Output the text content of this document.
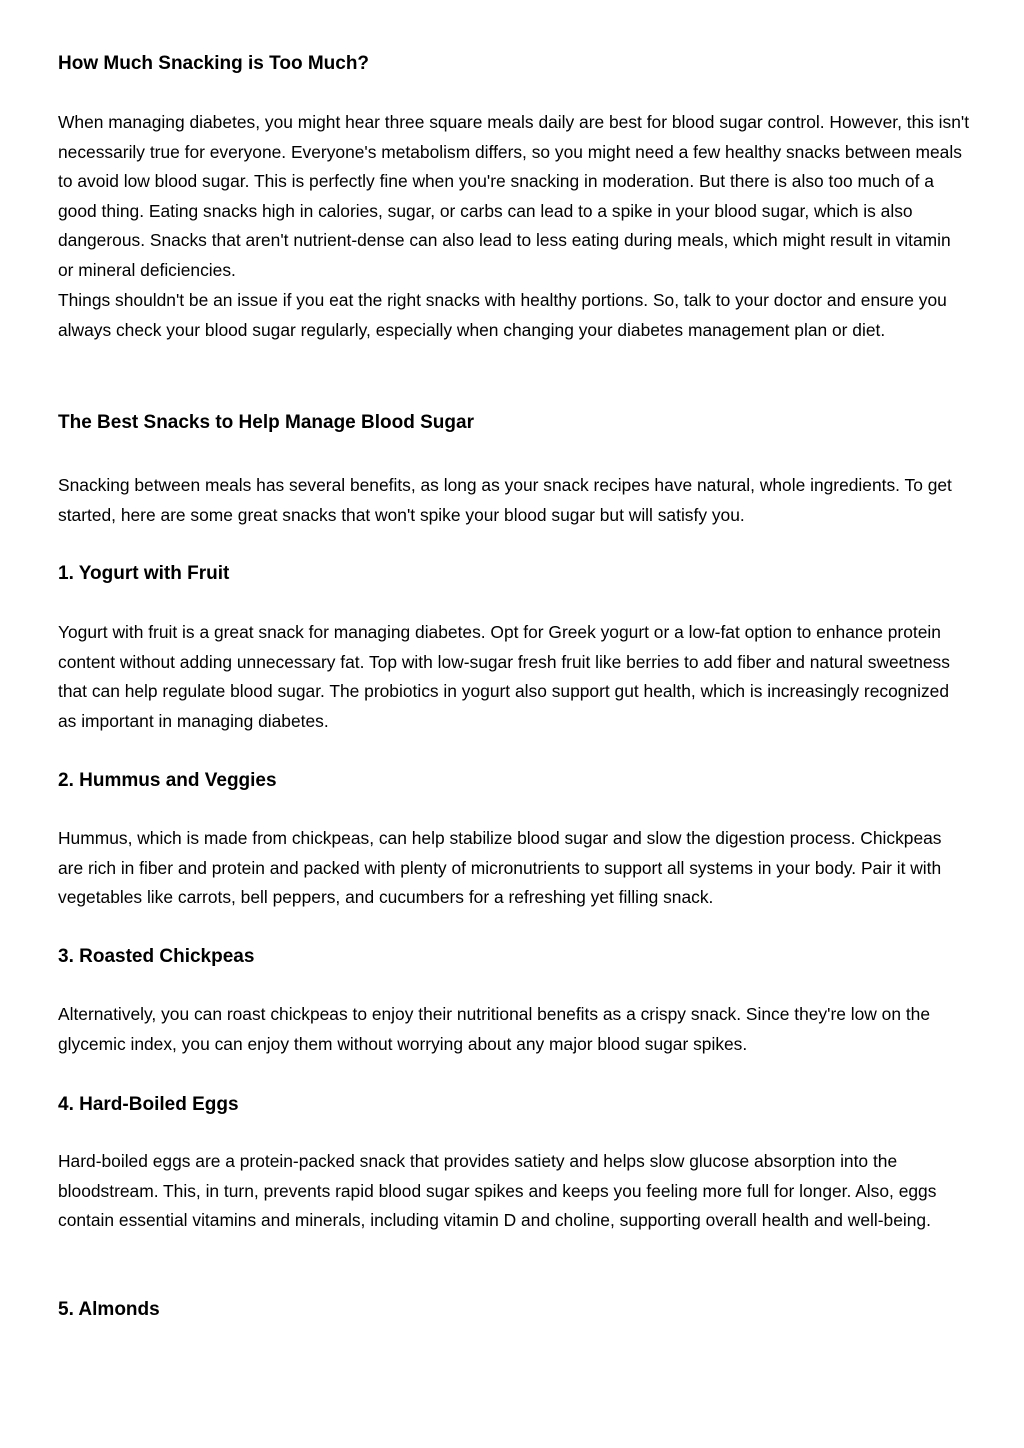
How Much Snacking is Too Much?

When managing diabetes, you might hear three square meals daily are best for blood sugar control. However, this isn't necessarily true for everyone. Everyone's metabolism differs, so you might need a few healthy snacks between meals to avoid low blood sugar. This is perfectly fine when you're snacking in moderation. But there is also too much of a good thing. Eating snacks high in calories, sugar, or carbs can lead to a spike in your blood sugar, which is also dangerous. Snacks that aren't nutrient-dense can also lead to less eating during meals, which might result in vitamin or mineral deficiencies.

Things shouldn't be an issue if you eat the right snacks with healthy portions. So, talk to your doctor and ensure you always check your blood sugar regularly, especially when changing your diabetes management plan or diet.

The Best Snacks to Help Manage Blood Sugar

Snacking between meals has several benefits, as long as your snack recipes have natural, whole ingredients. To get started, here are some great snacks that won't spike your blood sugar but will satisfy you.

1. Yogurt with Fruit

Yogurt with fruit is a great snack for managing diabetes. Opt for Greek yogurt or a low-fat option to enhance protein content without adding unnecessary fat. Top with low-sugar fresh fruit like berries to add fiber and natural sweetness that can help regulate blood sugar. The probiotics in yogurt also support gut health, which is increasingly recognized as important in managing diabetes.

2. Hummus and Veggies

Hummus, which is made from chickpeas, can help stabilize blood sugar and slow the digestion process. Chickpeas are rich in fiber and protein and packed with plenty of micronutrients to support all systems in your body. Pair it with vegetables like carrots, bell peppers, and cucumbers for a refreshing yet filling snack.

3. Roasted Chickpeas

Alternatively, you can roast chickpeas to enjoy their nutritional benefits as a crispy snack. Since they're low on the glycemic index, you can enjoy them without worrying about any major blood sugar spikes.

4. Hard-Boiled Eggs

Hard-boiled eggs are a protein-packed snack that provides satiety and helps slow glucose absorption into the bloodstream. This, in turn, prevents rapid blood sugar spikes and keeps you feeling more full for longer. Also, eggs contain essential vitamins and minerals, including vitamin D and choline, supporting overall health and well-being.

5. Almonds
